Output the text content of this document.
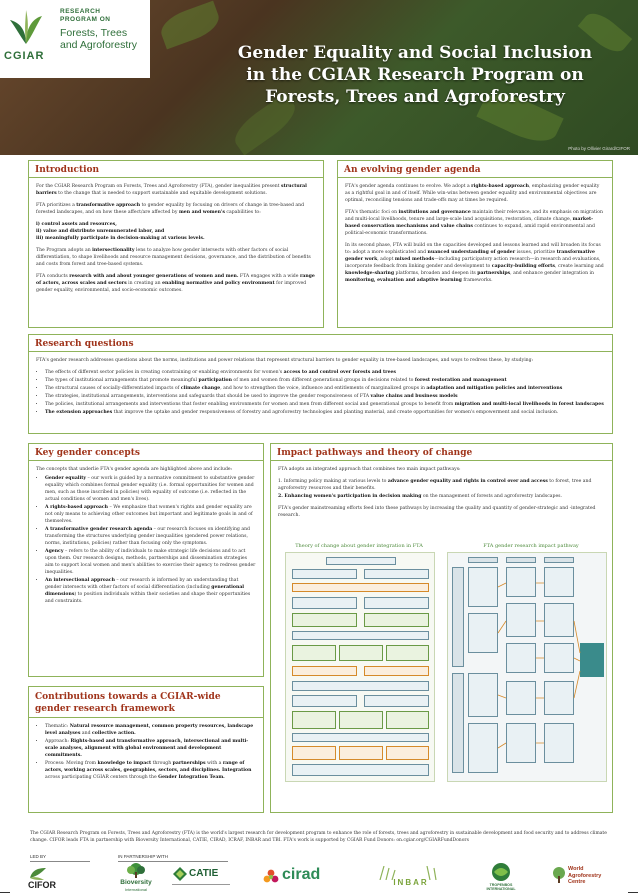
CGIAR
RESEARCH PROGRAM ON
Forests, Trees and Agroforestry	Gender Equality and Social Inclusion
in the CGIAR Research Program on
Forests, Trees and Agroforestry
Photo by Ollivier Girard/CIFOR
Introduction

For the CGIAR Research Program on Forests, Trees and Agroforestry (FTA), gender inequalities present structural barriers to the change that is needed to support sustainable and equitable development solutions.

FTA prioritizes a transformative approach to gender equality by focusing on drivers of change in tree-based and forested landscapes, and on how these affect/are affected by men and women's capabilities to:

i) control assets and resources,
ii) value and distribute unremunerated labor, and
iii) meaningfully participate in decision-making at various levels.

The Program adopts an intersectionality lens to analyze how gender intersects with other factors of social differentiation, to shape livelihoods and resource management decisions, governance, and the distribution of benefits and costs from forest and tree-based systems.

FTA conducts research with and about younger generations of women and men. FTA engages with a wide range of actors, across scales and sectors in creating an enabling normative and policy environment for improved gender equality, environmental, and socio-economic outcomes.

An evolving gender agenda

FTA's gender agenda continues to evolve. We adopt a rights-based approach, emphasizing gender equality as a rightful goal in and of itself. While win-wins between gender equality and environmental objectives are optimal, reconciling tensions and trade-offs may at times be required.

FTA's thematic foci on institutions and governance maintain their relevance, and its emphasis on migration and multi-local livelihoods, tenure and large-scale land acquisitions, restoration, climate change, market-based conservation mechanisms and value chains continues to expand, amid rapid environmental and political-economic transformations.

In its second phase, FTA will build on the capacities developed and lessons learned and will broaden its focus to: adopt a more sophisticated and nuanced understanding of gender issues, prioritize transformative gender work, adopt mixed methods—including participatory action research—in research and evaluations, incorporate feedback from linking gender and development to capacity-building efforts, create learning and knowledge-sharing platforms, broaden and deepen its partnerships, and enhance gender integration in monitoring, evaluation and adaptive learning frameworks.

Research questions

FTA's gender research addresses questions about the norms, institutions and power relations that represent structural barriers to gender equality in tree-based landscapes, and ways to redress these, by studying:

• The effects of different sector policies in creating constraining or enabling environments for women's access to and control over forests and trees
• The types of institutional arrangements that promote meaningful participation of men and women from different generational groups in decisions related to forest restoration and management
• The structural causes of socially-differentiated impacts of climate change, and how to strengthen the voice, influence and entitlements of marginalized groups in adaptation and mitigation policies and interventions
• The strategies, institutional arrangements, interventions and safeguards that should be used to improve the gender responsiveness of FTA value chains and business models
• The policies, institutional arrangements and interventions that foster enabling environments for women and men from different social and generational groups to benefit from migration and multi-local livelihoods in forest landscapes
• The extension approaches that improve the uptake and gender responsiveness of forestry and agroforestry technologies and planting material, and create opportunities for women's empowerment and social inclusion.
Key gender concepts

The concepts that underlie FTA's gender agenda are highlighted above and include:

• Gender equality – our work is guided by a normative commitment to substantive gender equality which combines formal gender equality (i.e. formal opportunities for women and men, such as those inscribed in policies) with equality of outcome (i.e. reflected in the actual conditions of women and men's lives).
• A rights-based approach – We emphasize that women's rights and gender equality are not only means to achieving other outcomes but important and legitimate goals in and of themselves.
• A transformative gender research agenda – our research focuses on identifying and transforming the structures underlying gender inequalities (gendered power relations, norms, institutions, policies) rather than focusing only the symptoms.
• Agency – refers to the ability of individuals to make strategic life decisions and to act upon them. Our research designs, methods, partnerships and dissemination strategies aim to support local women and men's abilities to exercise their agency to redress gender inequalities.
• An intersectional approach – our research is informed by an understanding that gender intersects with other factors of social differentiation (including generational dimensions) to position individuals within their societies and shape their opportunities and constraints.
Impact pathways and theory of change

FTA adopts an integrated approach that combines two main impact pathways:

1. Informing policy making at various levels to advance gender equality and rights in control over and access to forest, tree and agroforestry resources and their benefits.

2. Enhancing women's participation in decision making on the management of forests and agroforestry landscapes.

FTA's gender mainstreaming efforts feed into these pathways by increasing the quality and quantity of gender-strategic and -integrated research.

Theory of change about gender integration in FTA	FTA gender research impact pathway
Contributions towards a CGIAR-wide gender research framework
• Thematic: Natural resource management, common property resources, landscape level analyses and collective action.
• Approach: Rights-based and transformative approach, intersectional and multi-scale analyses, alignment with global environment and development commitments.
• Process: Moving from knowledge to impact through partnerships with a range of actors, working across scales, geographies, sectors, and disciplines. Integration across participating CGIAR centers through the Gender Integration Team.
The CGIAR Research Program on Forests, Trees and Agroforestry (FTA) is the world's largest research for development program to enhance the role of forests, trees and agroforestry in sustainable development and food security and to address climate change. CIFOR leads FTA in partnership with Bioversity International, CATIE, CIRAD, ICRAF, INBAR and TBI. FTA's work is supported by CGIAR Fund Donors: on.cgiar.org/CGIARFundDonors
LED BY	IN PARTNERSHIP WITH
CIFOR	Bioversity
International
CATIE	cirad	INBAR	TROPENBOS INTERNATIONAL
World
Agroforestry
Centre
